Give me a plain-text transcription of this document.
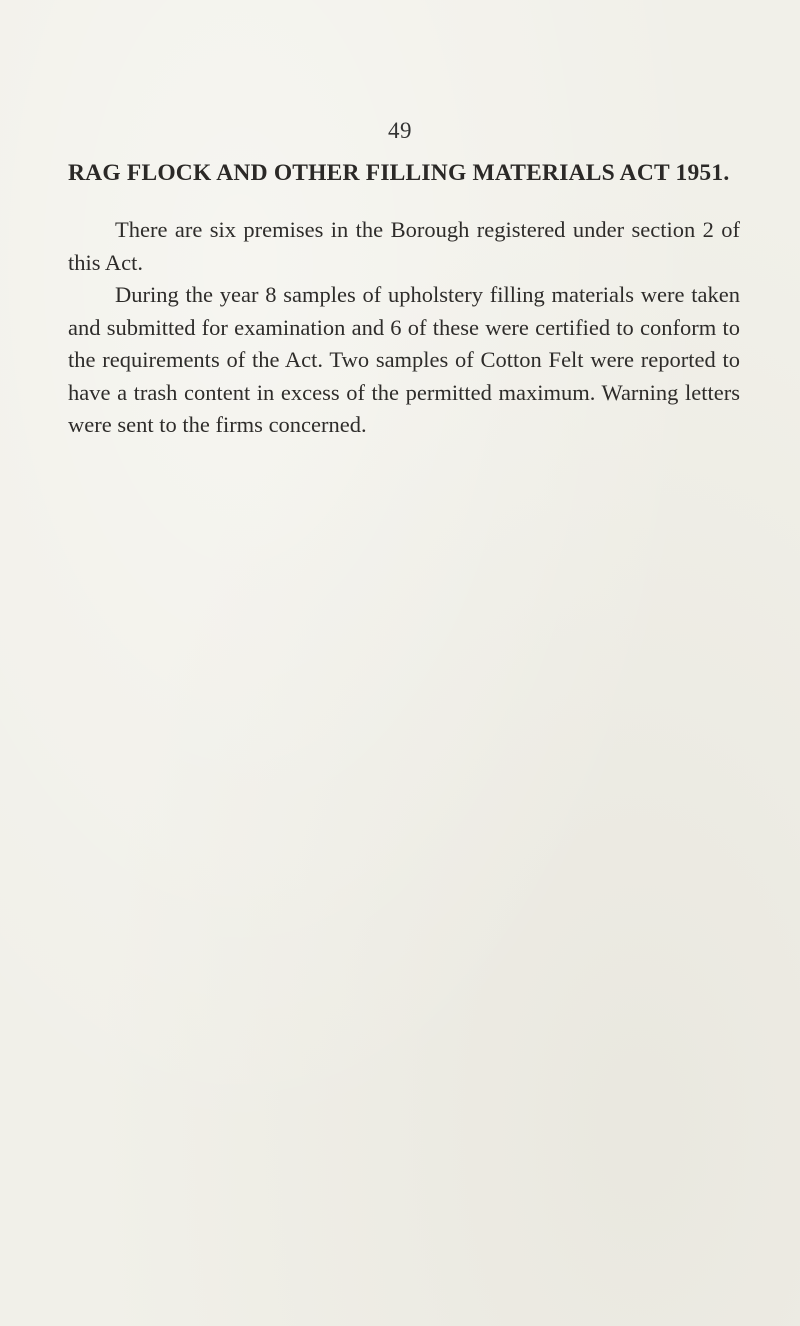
49
RAG FLOCK AND OTHER FILLING MATERIALS ACT 1951.

There are six premises in the Borough registered under section 2 of this Act.

During the year 8 samples of upholstery filling materials were taken and submitted for examination and 6 of these were certified to conform to the requirements of the Act. Two samples of Cotton Felt were reported to have a trash content in excess of the permitted maximum. Warning letters were sent to the firms concerned.
